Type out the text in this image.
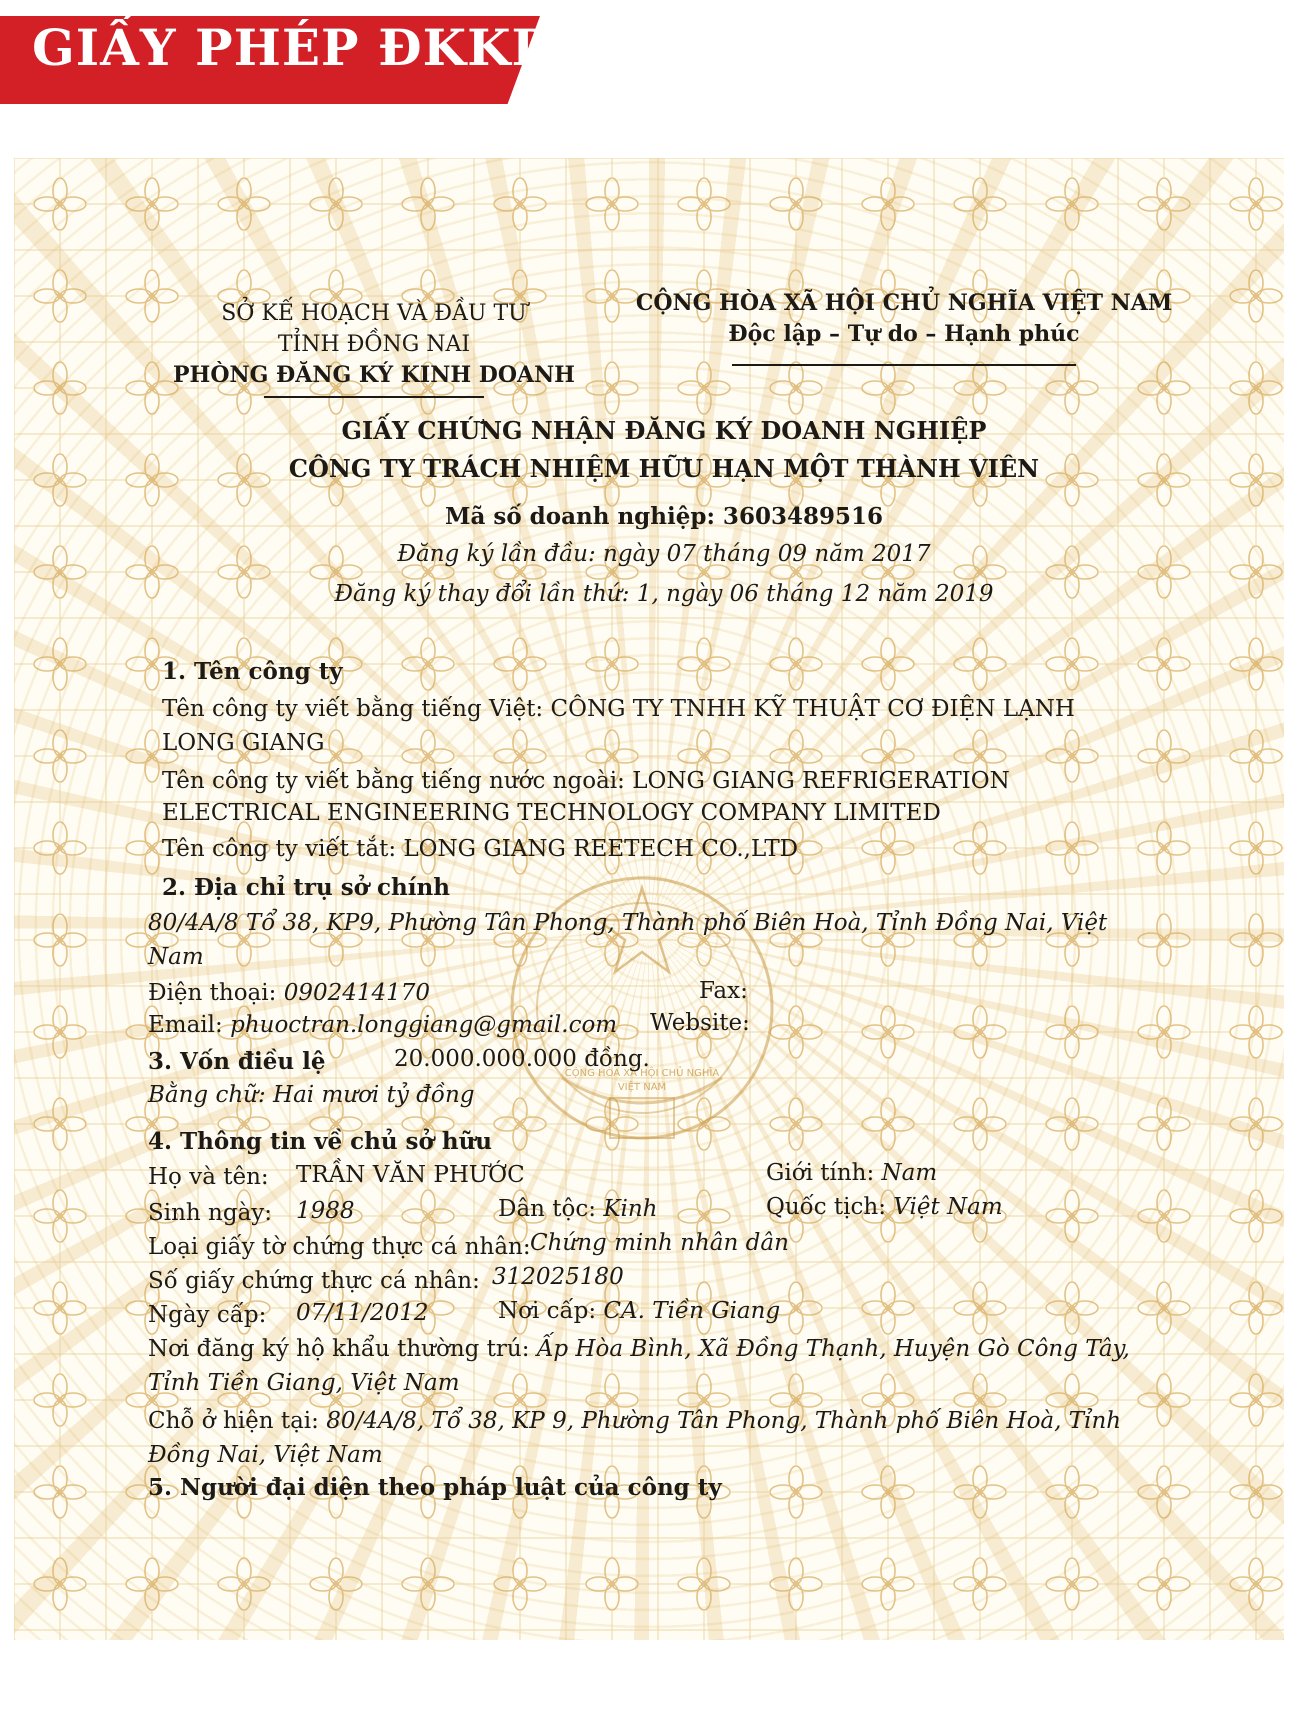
GIẤY PHÉP ĐKKD
CỘNG HÒA XÃ HỘI CHỦ NGHĨA
VIỆT NAM
SỞ KẾ HOẠCH VÀ ĐẦU TƯ
TỈNH ĐỒNG NAI
PHÒNG ĐĂNG KÝ KINH DOANH
CỘNG HÒA XÃ HỘI CHỦ NGHĨA VIỆT NAM
Độc lập – Tự do – Hạnh phúc
GIẤY CHỨNG NHẬN ĐĂNG KÝ DOANH NGHIỆP
CÔNG TY TRÁCH NHIỆM HỮU HẠN MỘT THÀNH VIÊN
Mã số doanh nghiệp: 3603489516
Đăng ký lần đầu: ngày 07 tháng 09 năm 2017
Đăng ký thay đổi lần thứ: 1, ngày 06 tháng 12 năm 2019
1. Tên công ty
Tên công ty viết bằng tiếng Việt: CÔNG TY TNHH KỸ THUẬT CƠ ĐIỆN LẠNH
LONG GIANG
Tên công ty viết bằng tiếng nước ngoài: LONG GIANG REFRIGERATION
ELECTRICAL ENGINEERING TECHNOLOGY COMPANY LIMITED
Tên công ty viết tắt: LONG GIANG REETECH CO.,LTD
2. Địa chỉ trụ sở chính
80/4A/8 Tổ 38, KP9, Phường Tân Phong, Thành phố Biên Hoà, Tỉnh Đồng Nai, Việt
Nam
Điện thoại: 0902414170	Fax:
Email: phuoctran.longgiang@gmail.com Website:
3. Vốn điều lệ	20.000.000.000 đồng.
Bằng chữ: Hai mươi tỷ đồng
4. Thông tin về chủ sở hữu
Họ và tên: TRẦN VĂN PHƯỚC	Giới tính: Nam
Sinh ngày: 1988	Dân tộc: Kinh	Quốc tịch: Việt Nam
Loại giấy tờ chứng thực cá nhân: Chứng minh nhân dân
Số giấy chứng thực cá nhân: 312025180
Ngày cấp: 07/11/2012	Nơi cấp: CA. Tiền Giang
Nơi đăng ký hộ khẩu thường trú: Ấp Hòa Bình, Xã Đồng Thạnh, Huyện Gò Công Tây,
Tỉnh Tiền Giang, Việt Nam
Chỗ ở hiện tại: 80/4A/8, Tổ 38, KP 9, Phường Tân Phong, Thành phố Biên Hoà, Tỉnh
Đồng Nai, Việt Nam
5. Người đại diện theo pháp luật của công ty
